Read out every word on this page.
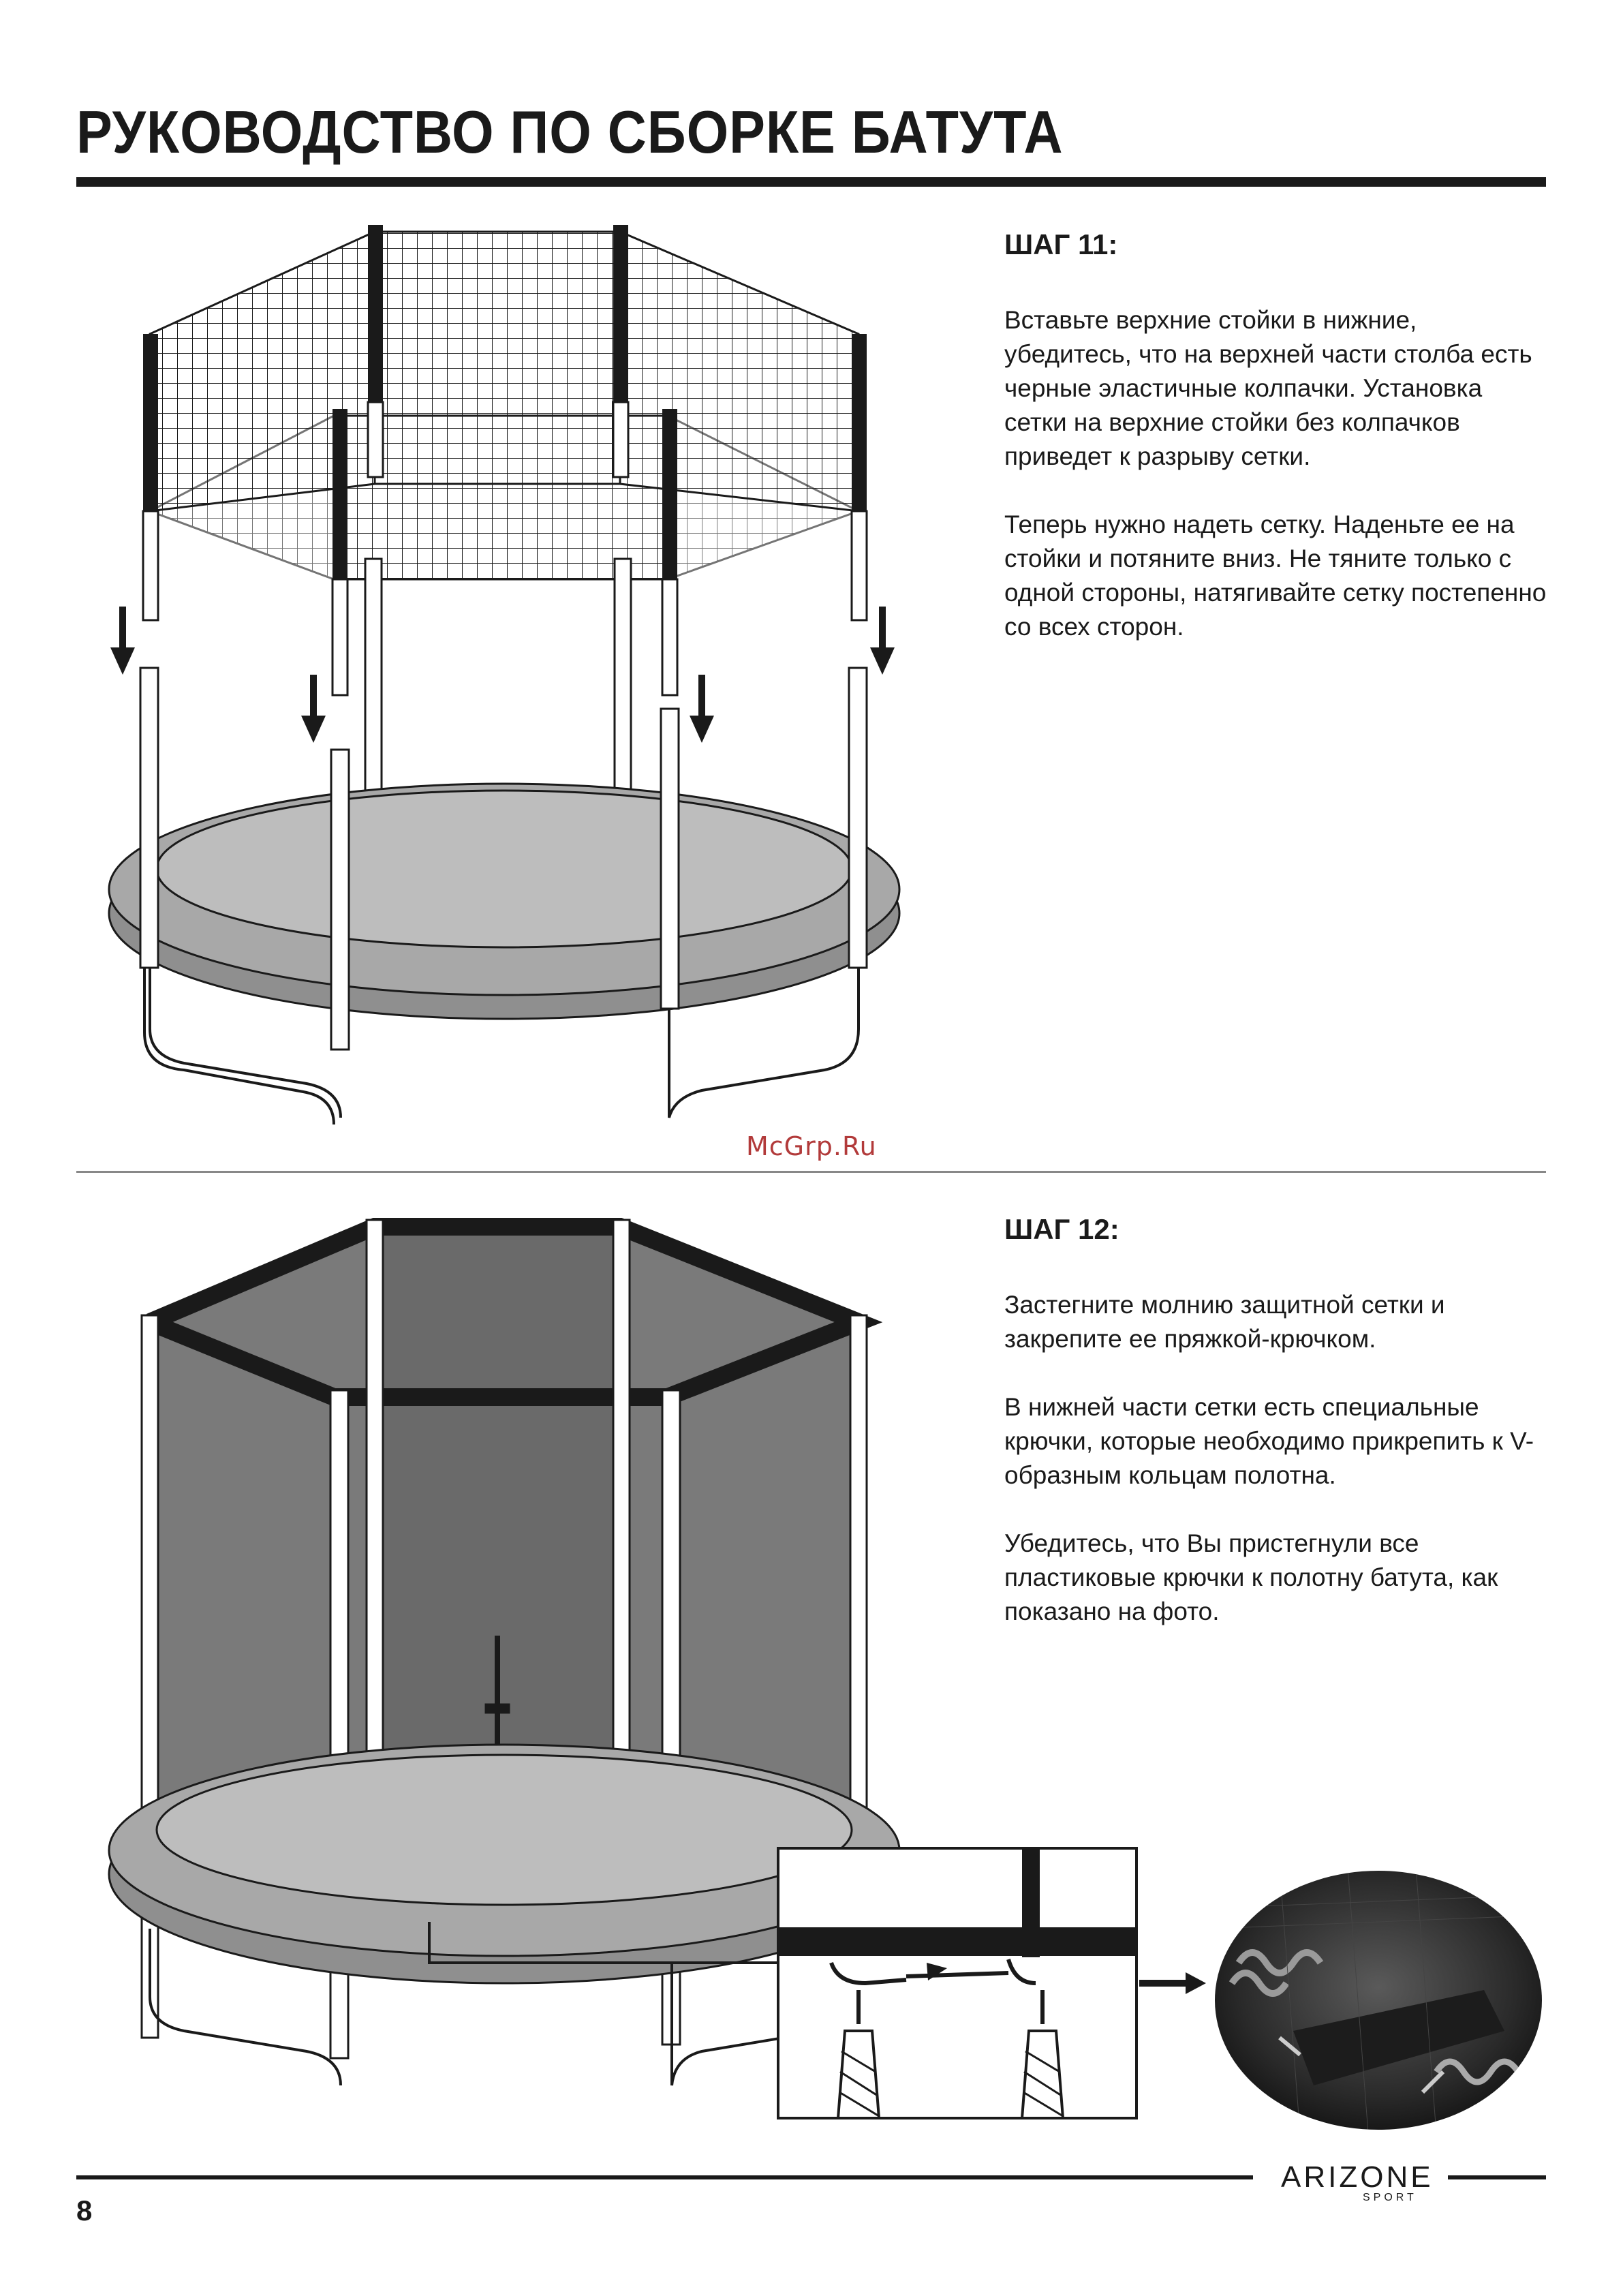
РУКОВОДСТВО ПО СБОРКЕ БАТУТА
ШАГ 11:

Вставьте верхние стойки в нижние, убедитесь, что на верхней части столба есть черные эластичные колпачки. Установка сетки на верхние стойки без колпачков приведет к разрыву сетки.

Теперь нужно надеть сетку. Наденьте ее на стойки и потяните вниз. Не тяните только с одной стороны, натягивайте сетку постепенно со всех сторон.

McGrp.Ru
ШАГ 12:

Застегните молнию защитной сетки и закрепите ее пряжкой-крючком.

В нижней части сетки есть специальные крючки, которые необходимо прикрепить к V-образным кольцам полотна.

Убедитесь, что Вы пристегнули все пластиковые крючки к полотну батута, как показано на фото.

ARIZONE
SPORT
8
